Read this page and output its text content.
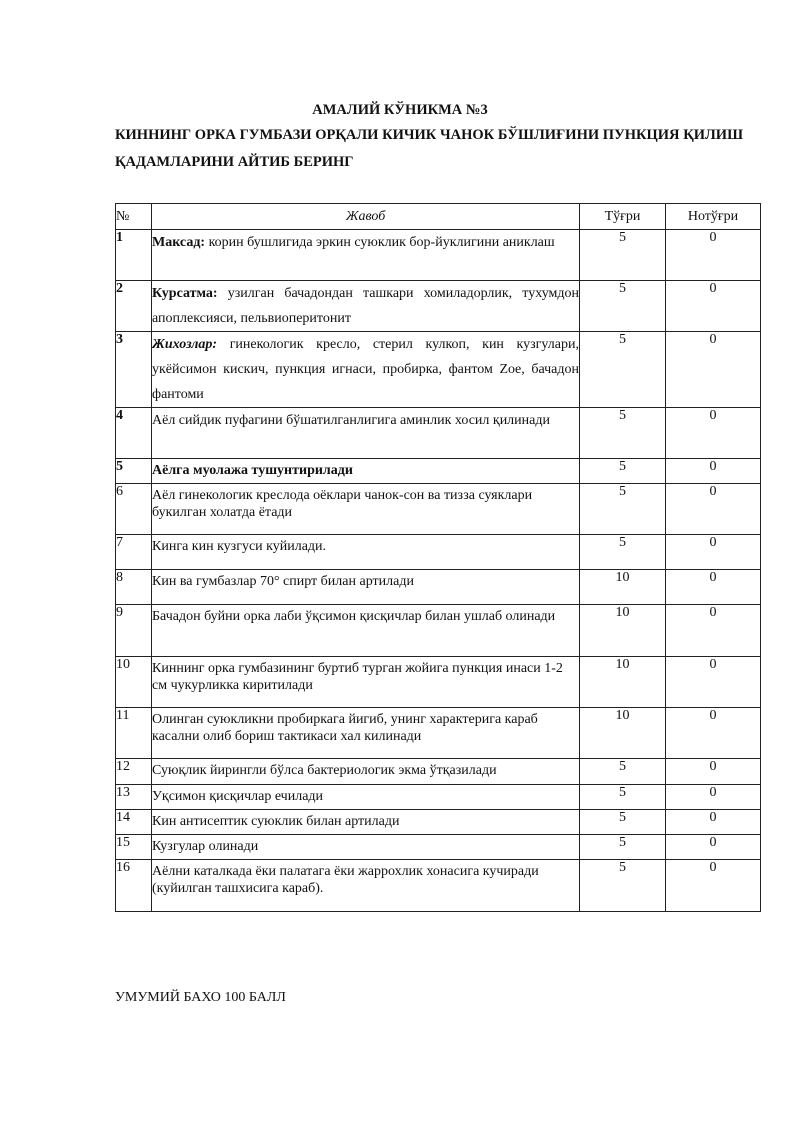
АМАЛИЙ КЎНИКМА №3
КИННИНГ ОРКА ГУМБАЗИ ОРҚАЛИ КИЧИК ЧАНОК БЎШЛИҒИНИ ПУНКЦИЯ ҚИЛИШ ҚАДАМЛАРИНИ АЙТИБ БЕРИНГ
№	Жавоб	Тўғри	Нотўғри
1	Максад: корин бушлигида эркин суюклик бор-йуклигини аниклаш	5	0
2	Курсатма: узилган бачадондан ташкари хомиладорлик, тухумдон апоплексияси, пельвиоперитонит	5	0
3	Жихозлар: гинекологик кресло, стерил кулкоп, кин кузгулари, укёйсимон кискич, пункция игнаси, пробирка, фантом Zoe, бачадон фантоми	5	0
4	Аёл сийдик пуфагини бўшатилганлигига аминлик хосил қилинади	5	0
5	Аёлга муолажа тушунтирилади	5	0
6	Аёл гинекологик креслода оёклари чанок-сон ва тизза суяклари букилган холатда ётади	5	0
7	Кинга кин кузгуси куйилади.	5	0
8	Кин ва гумбазлар 70° спирт билан артилади	10	0
9	Бачадон буйни орка лаби ўқсимон қисқичлар билан ушлаб олинади	10	0
10	Киннинг орка гумбазининг буртиб турган жойига пункция инаси 1-2 см чукурликка киритилади	10	0
11	Олинган суюкликни пробиркага йигиб, унинг характерига караб касални олиб бориш тактикаси хал килинади	10	0
12	Суюқлик йирингли бўлса бактериологик экма ўтқазилади	5	0
13	Уқсимон қисқичлар ечилади	5	0
14	Кин антисептик суюклик билан артилади	5	0
15	Кузгулар олинади	5	0
16	Аёлни каталкада ёки палатага ёки жаррохлик хонасига кучиради (куйилган ташхисига караб).	5	0
УМУМИЙ БАХО 100 БАЛЛ
